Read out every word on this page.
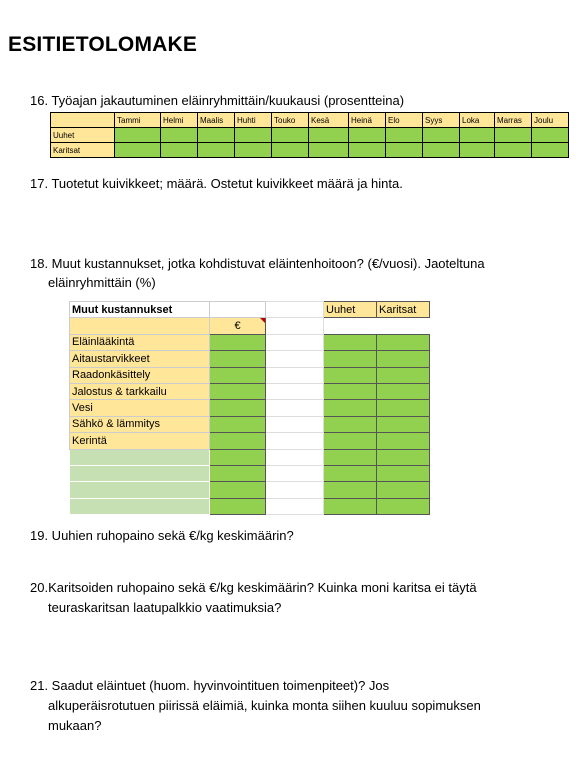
ESITIETOLOMAKE
16. Työajan jakautuminen eläinryhmittäin/kuukausi (prosentteina)
	Tammi	Helmi	Maalis	Huhti	Touko	Kesä	Heinä	Elo	Syys	Loka	Marras	Joulu
Uuhet												
Karitsat												
17. Tuotetut kuivikkeet; määrä. Ostetut kuivikkeet määrä ja hinta.
18. Muut kustannukset, jotka kohdistuvat eläintenhoitoon? (€/vuosi). Jaoteltuna
eläinryhmittäin (%)
Muut kustannukset			Uuhet	Karitsat
	€			
Eläinlääkintä				
Aitaustarvikkeet				
Raadonkäsittely				
Jalostus & tarkkailu				
Vesi				
Sähkö & lämmitys				
Kerintä				

19. Uuhien ruhopaino sekä €/kg keskimäärin?
20.Karitsoiden ruhopaino sekä €/kg keskimäärin? Kuinka moni karitsa ei täytä
teuraskaritsan laatupalkkio vaatimuksia?
21. Saadut eläintuet (huom. hyvinvointituen toimenpiteet)? Jos
alkuperäisrotutuen piirissä eläimiä, kuinka monta siihen kuuluu sopimuksen
mukaan?
